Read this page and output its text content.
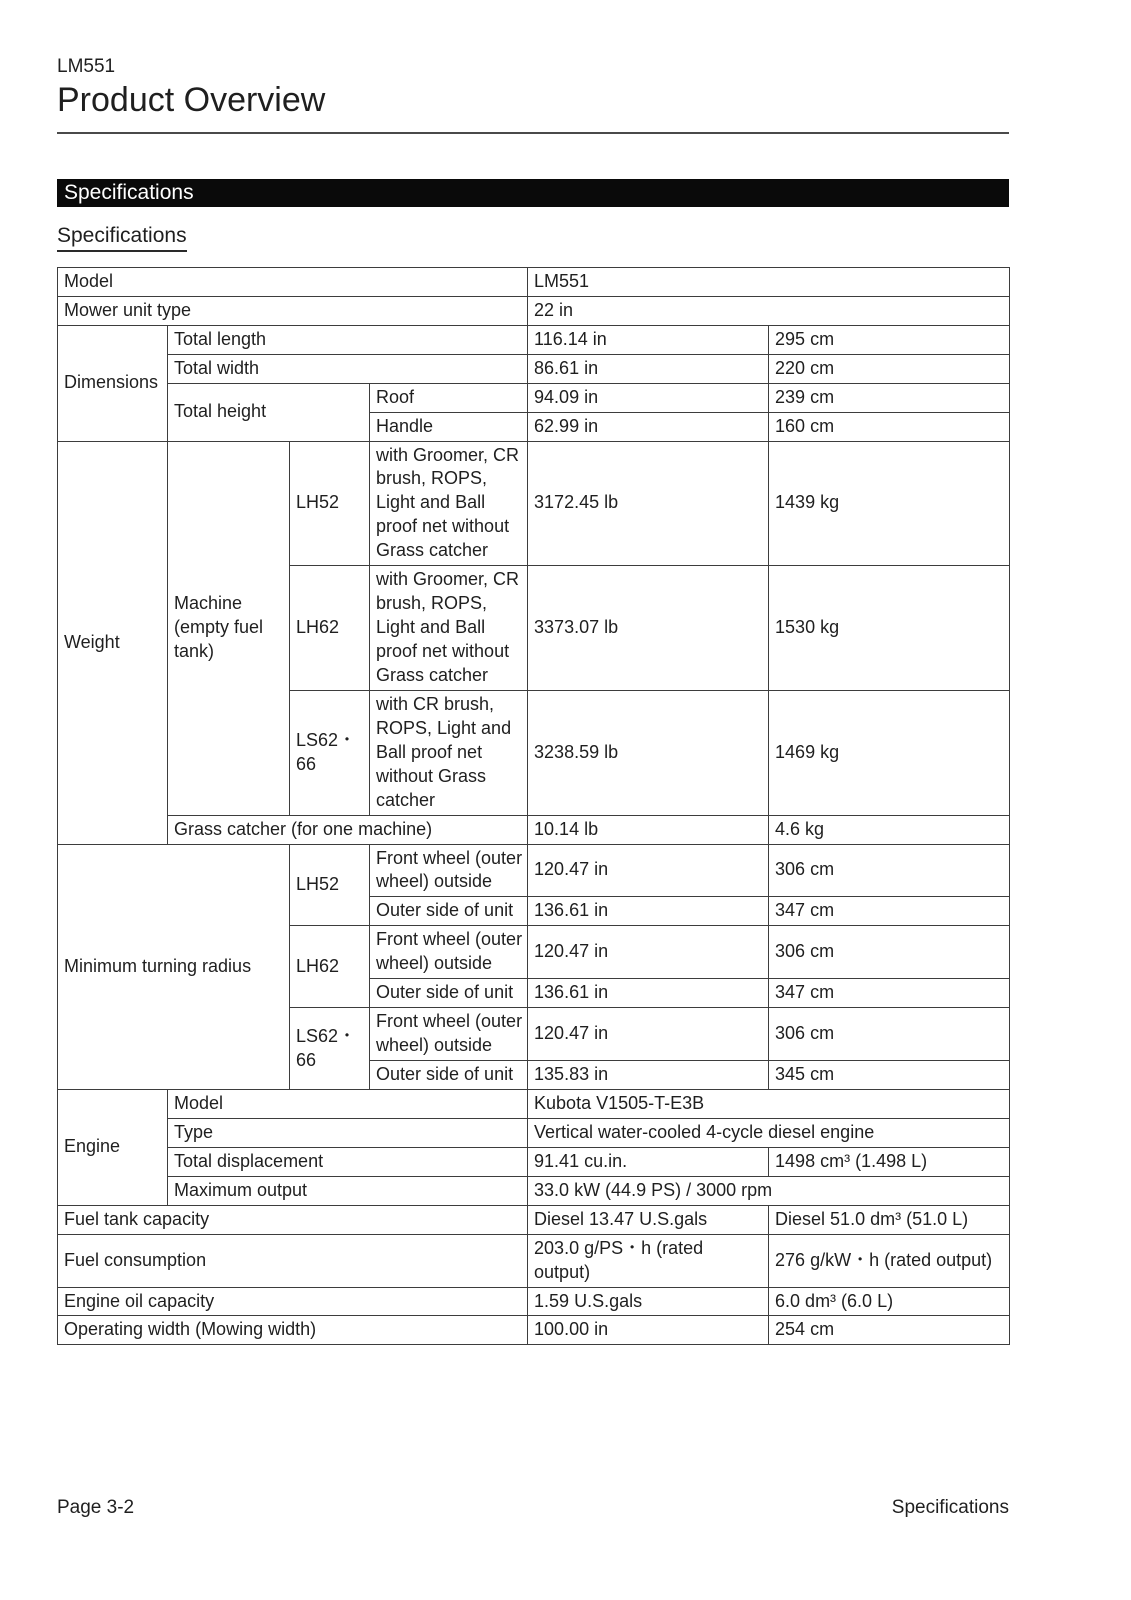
LM551
Product Overview
Specifications
Specifications
Model				LM551	
Mower unit type				22 in	
Dimensions	Total length			116.14 in	295 cm
	Total width			86.61 in	220 cm
	Total height		Roof	94.09 in	239 cm
			Handle	62.99 in	160 cm
Weight	Machine (empty fuel tank)	LH52	with Groomer, CR brush, ROPS, Light and Ball proof net without Grass catcher	3172.45 lb	1439 kg
		LH62	with Groomer, CR brush, ROPS, Light and Ball proof net without Grass catcher	3373.07 lb	1530 kg
		LS62・66	with CR brush, ROPS, Light and Ball proof net without Grass catcher	3238.59 lb	1469 kg
	Grass catcher (for one machine)			10.14 lb	4.6 kg
Minimum turning radius		LH52	Front wheel (outer wheel) outside	120.47 in	306 cm
			Outer side of unit	136.61 in	347 cm
		LH62	Front wheel (outer wheel) outside	120.47 in	306 cm
			Outer side of unit	136.61 in	347 cm
		LS62・66	Front wheel (outer wheel) outside	120.47 in	306 cm
			Outer side of unit	135.83 in	345 cm
Engine	Model			Kubota V1505-T-E3B	
	Type			Vertical water-cooled 4-cycle diesel engine	
	Total displacement			91.41 cu.in.	1498 cm³ (1.498 L)
	Maximum output			33.0 kW (44.9 PS) / 3000 rpm	
Fuel tank capacity				Diesel 13.47 U.S.gals	Diesel 51.0 dm³ (51.0 L)
Fuel consumption				203.0 g/PS・h (rated output)	276 g/kW・h (rated output)
Engine oil capacity				1.59 U.S.gals	6.0 dm³ (6.0 L)
Operating width (Mowing width)				100.00 in	254 cm
Page 3-2	Specifications
